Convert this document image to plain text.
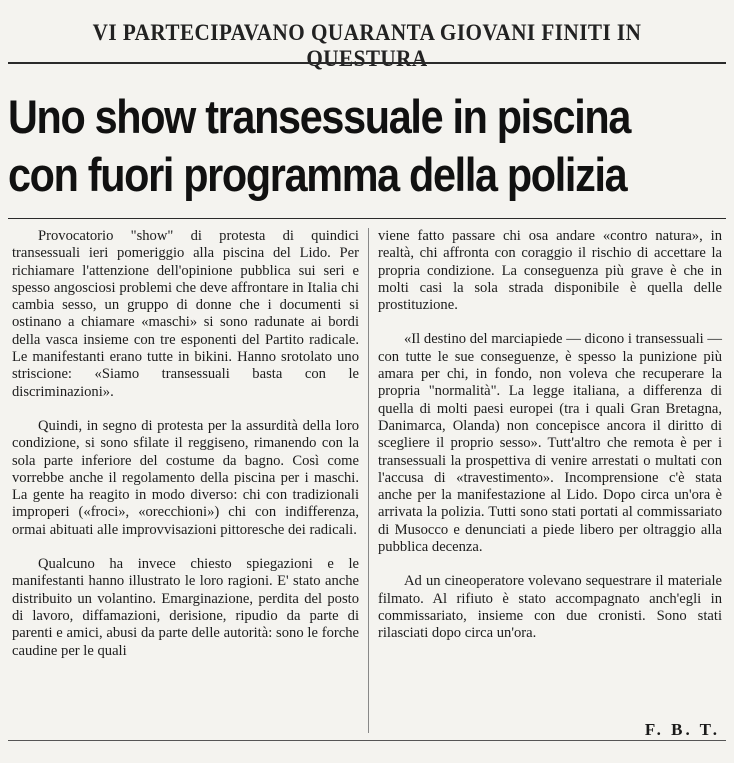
VI PARTECIPAVANO QUARANTA GIOVANI FINITI IN QUESTURA
Uno show transessuale in piscina
con fuori programma della polizia

Provocatorio "show" di protesta di quindici transessuali ieri pomeriggio alla piscina del Lido. Per richiamare l'attenzione dell'opinione pubblica sui seri e spesso angosciosi problemi che deve affrontare in Italia chi cambia sesso, un gruppo di donne che i documenti si ostinano a chiamare «maschi» si sono radunate ai bordi della vasca insieme con tre esponenti del Partito radicale. Le manifestanti erano tutte in bikini. Hanno srotolato uno striscione: «Siamo transessuali basta con le discriminazioni».

Quindi, in segno di protesta per la assurdità della loro condizione, si sono sfilate il reggiseno, rimanendo con la sola parte inferiore del costume da bagno. Così come vorrebbe anche il regolamento della piscina per i maschi. La gente ha reagito in modo diverso: chi con tradizionali improperi («froci», «orecchioni») chi con indifferenza, ormai abituati alle improvvisazioni pittoresche dei radicali.

Qualcuno ha invece chiesto spiegazioni e le manifestanti hanno illustrato le loro ragioni. E' stato anche distribuito un volantino. Emarginazione, perdita del posto di lavoro, diffamazioni, derisione, ripudio da parte di parenti e amici, abusi da parte delle autorità: sono le forche caudine per le quali

viene fatto passare chi osa andare «contro natura», in realtà, chi affronta con coraggio il rischio di accettare la propria condizione. La conseguenza più grave è che in molti casi la sola strada disponibile è quella delle prostituzione.

«Il destino del marciapiede — dicono i transessuali — con tutte le sue conseguenze, è spesso la punizione più amara per chi, in fondo, non voleva che recuperare la propria "normalità". La legge italiana, a differenza di quella di molti paesi europei (tra i quali Gran Bretagna, Danimarca, Olanda) non concepisce ancora il diritto di scegliere il proprio sesso». Tutt'altro che remota è per i transessuali la prospettiva di venire arrestati o multati con l'accusa di «travestimento». Incomprensione c'è stata anche per la manifestazione al Lido. Dopo circa un'ora è arrivata la polizia. Tutti sono stati portati al commissariato di Musocco e denunciati a piede libero per oltraggio alla pubblica decenza.

Ad un cineoperatore volevano sequestrare il materiale filmato. Al rifiuto è stato accompagnato anch'egli in commissariato, insieme con due cronisti. Sono stati rilasciati dopo circa un'ora.

F. B. T.
